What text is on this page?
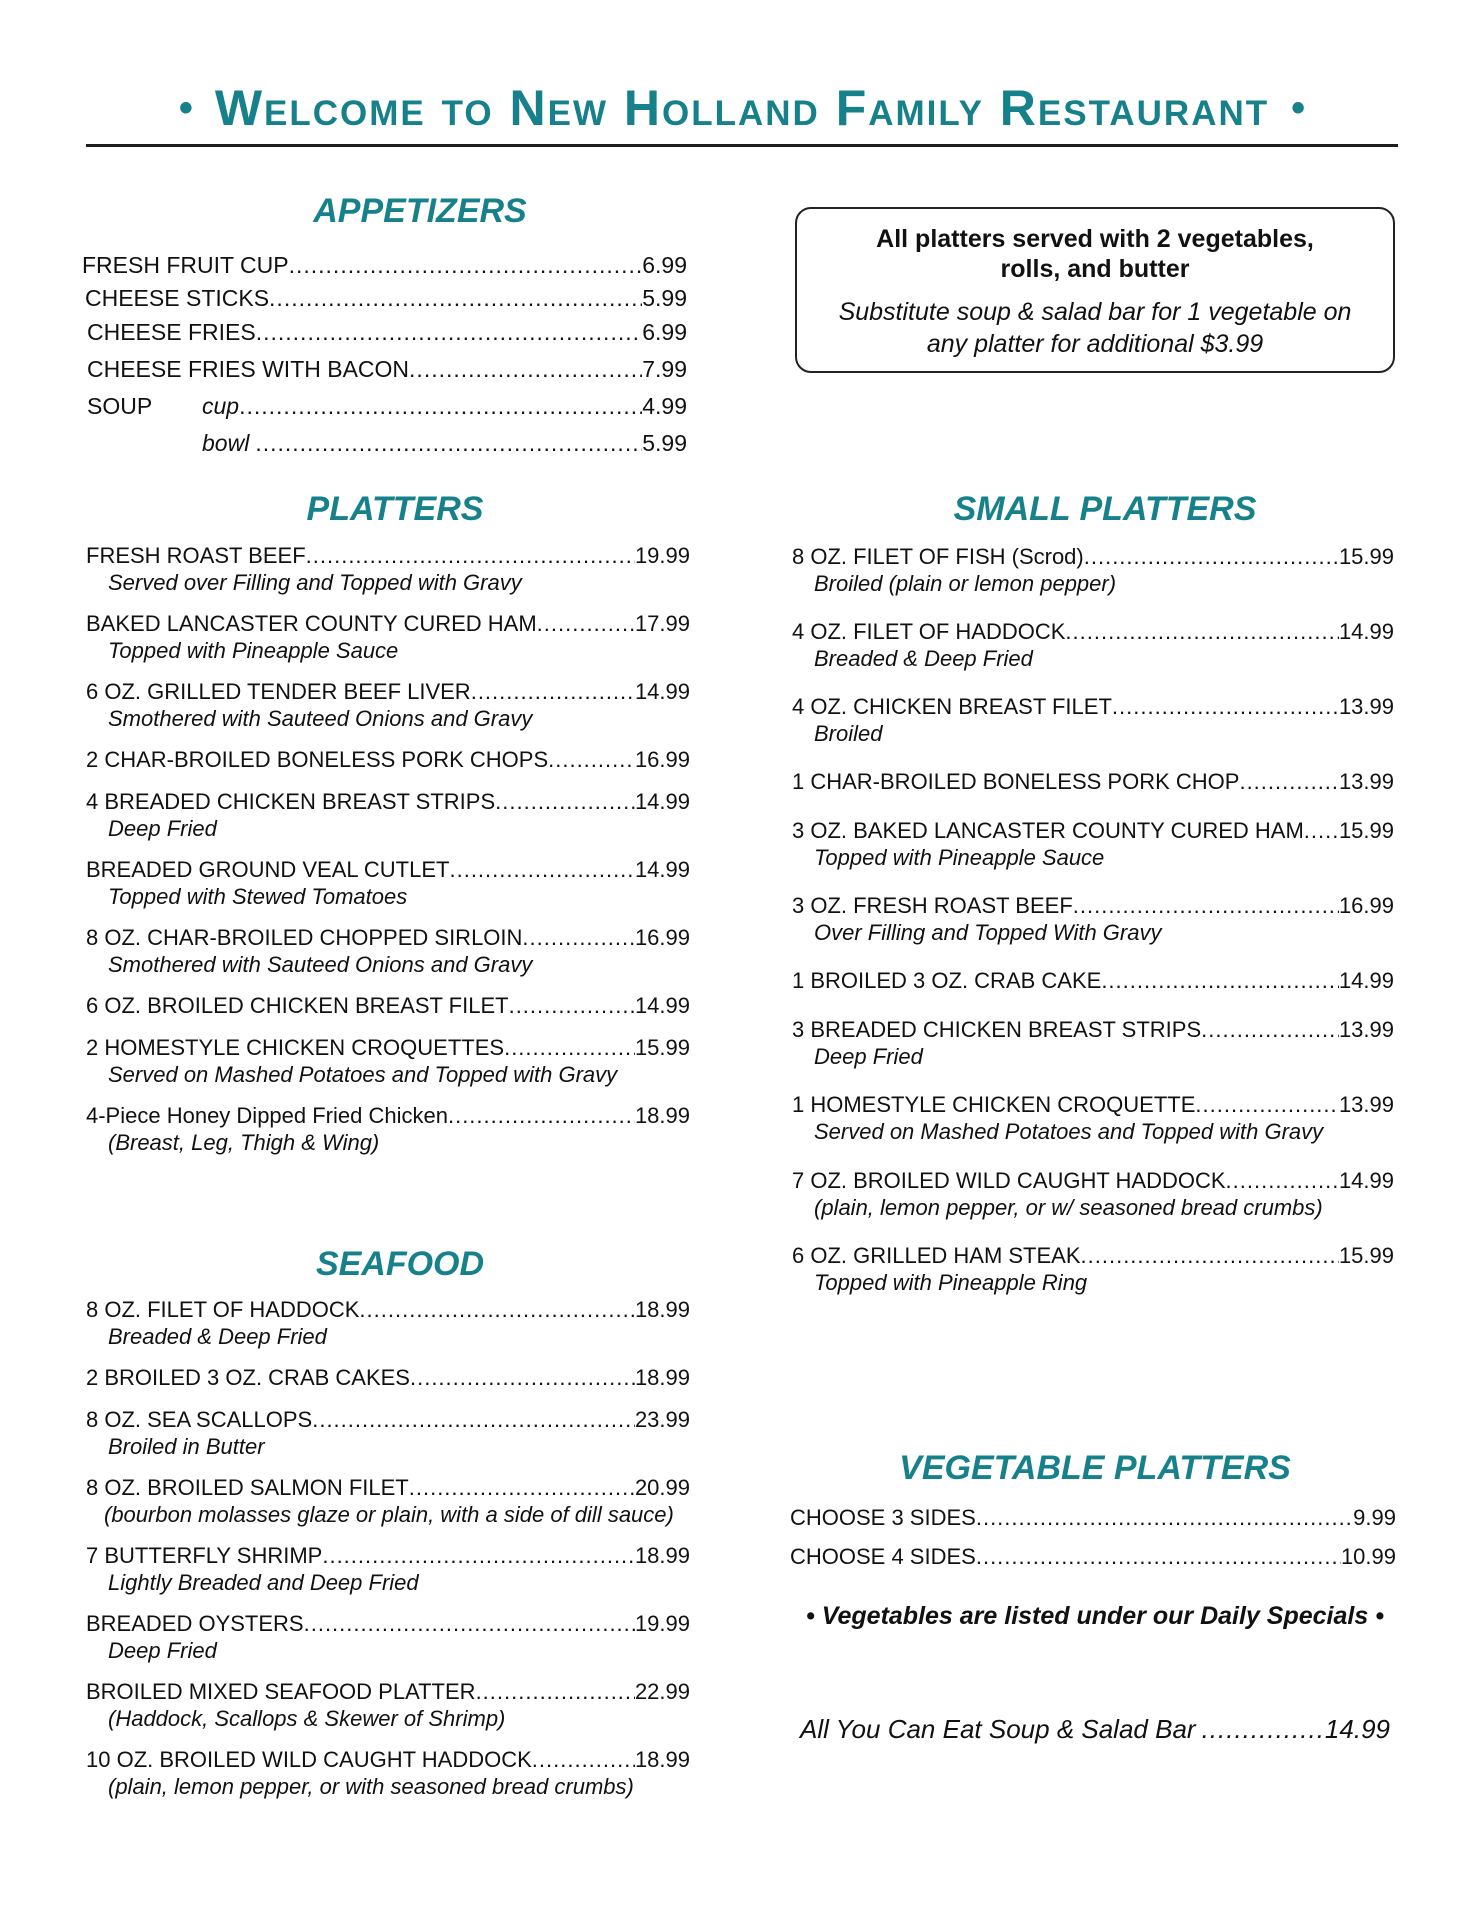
• Welcome to New Holland Family Restaurant •
APPETIZERS
FRESH FRUIT CUP .....	.6.99
CHEESE STICKS .....	5.99
CHEESE FRIES .....	6.99
CHEESE FRIES WITH BACON .....	7.99
SOUP	cup .....	4.99
bowl .....	5.99
All platters served with 2 vegetables,
rolls, and butter
Substitute soup & salad bar for 1 vegetable on
any platter for additional $3.99
PLATTERS
FRESH ROAST BEEF .....	19.99
Served over Filling and Topped with Gravy
BAKED LANCASTER COUNTY CURED HAM .....	17.99
Topped with Pineapple Sauce
6 OZ. GRILLED TENDER BEEF LIVER .....	14.99
Smothered with Sauteed Onions and Gravy
2 CHAR-BROILED BONELESS PORK CHOPS .....	16.99
4 BREADED CHICKEN BREAST STRIPS .....	14.99
Deep Fried
BREADED GROUND VEAL CUTLET .....	14.99
Topped with Stewed Tomatoes
8 OZ. CHAR-BROILED CHOPPED SIRLOIN .....	16.99
Smothered with Sauteed Onions and Gravy
6 OZ. BROILED CHICKEN BREAST FILET .....	14.99
2 HOMESTYLE CHICKEN CROQUETTES .....	15.99
Served on Mashed Potatoes and Topped with Gravy
4-Piece Honey Dipped Fried Chicken .....	18.99
(Breast, Leg, Thigh & Wing)
SEAFOOD
8 OZ. FILET OF HADDOCK .....	18.99
Breaded & Deep Fried
2 BROILED 3 OZ. CRAB CAKES .....	18.99
8 OZ. SEA SCALLOPS .....	23.99
Broiled in Butter
8 OZ. BROILED SALMON FILET .....	20.99
(bourbon molasses glaze or plain, with a side of dill sauce)
7 BUTTERFLY SHRIMP .....	18.99
Lightly Breaded and Deep Fried
BREADED OYSTERS .....	19.99
Deep Fried
BROILED MIXED SEAFOOD PLATTER .....	22.99
(Haddock, Scallops & Skewer of Shrimp)
10 OZ. BROILED WILD CAUGHT HADDOCK .....	18.99
(plain, lemon pepper, or with seasoned bread crumbs)
SMALL PLATTERS
8 OZ. FILET OF FISH (Scrod) .....	15.99
Broiled (plain or lemon pepper)
4 OZ. FILET OF HADDOCK .....	14.99
Breaded & Deep Fried
4 OZ. CHICKEN BREAST FILET .....	13.99
Broiled
1 CHAR-BROILED BONELESS PORK CHOP .....	13.99
3 OZ. BAKED LANCASTER COUNTY CURED HAM ..... 15.99
Topped with Pineapple Sauce
3 OZ. FRESH ROAST BEEF .....	16.99
Over Filling and Topped With Gravy
1 BROILED 3 OZ. CRAB CAKE .....	14.99
3 BREADED CHICKEN BREAST STRIPS .....	13.99
Deep Fried
1 HOMESTYLE CHICKEN CROQUETTE .....	13.99
Served on Mashed Potatoes and Topped with Gravy
7 OZ. BROILED WILD CAUGHT HADDOCK .....	14.99
(plain, lemon pepper, or w/ seasoned bread crumbs)
6 OZ. GRILLED HAM STEAK .....	15.99
Topped with Pineapple Ring
VEGETABLE PLATTERS
CHOOSE 3 SIDES .....	9.99
CHOOSE 4 SIDES .....	10.99
• Vegetables are listed under our Daily Specials •
All You Can Eat Soup & Salad Bar .....	14.99
